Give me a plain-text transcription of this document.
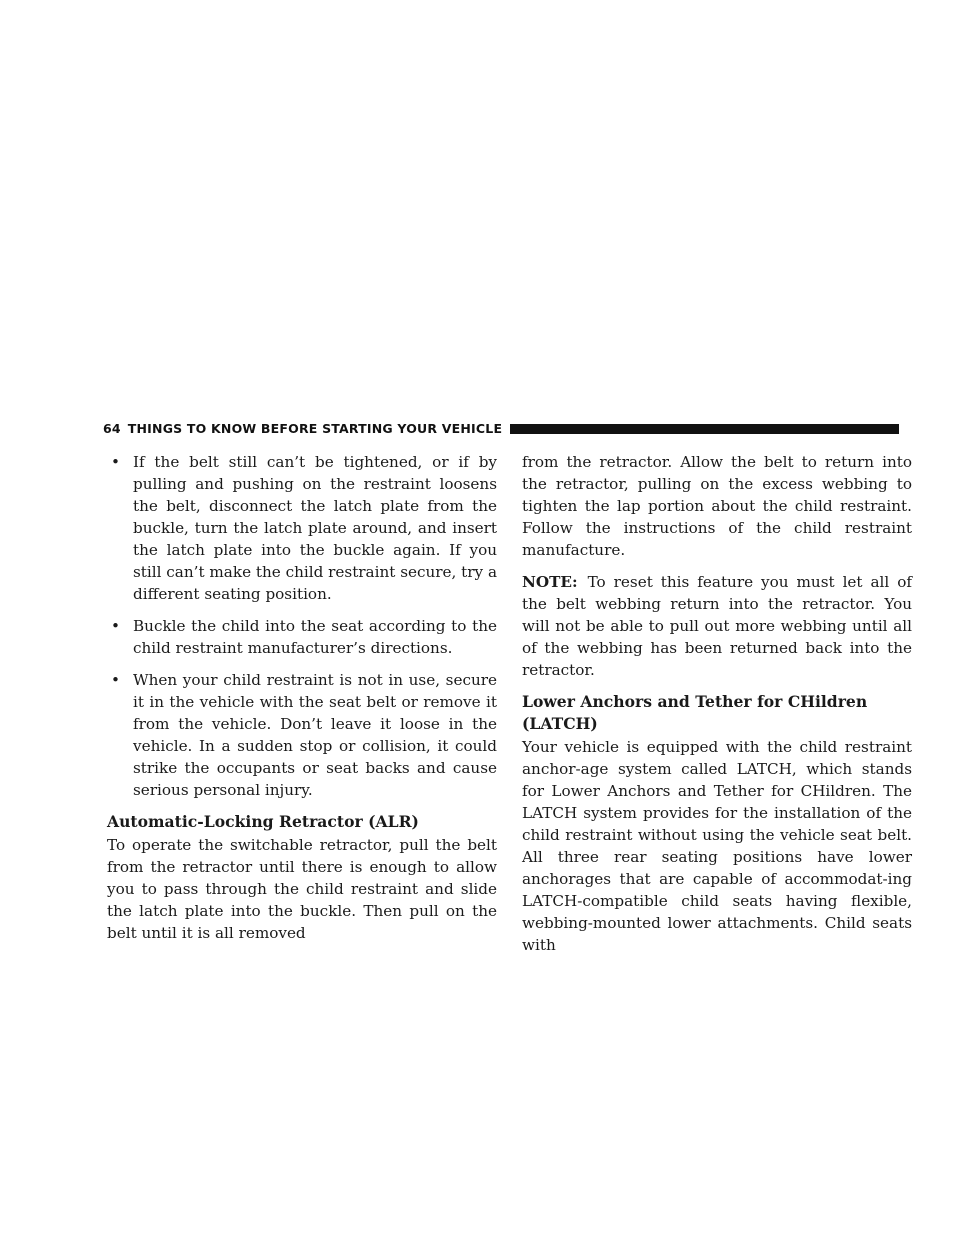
64 THINGS TO KNOW BEFORE STARTING YOUR VEHICLE
• If the belt still can’t be tightened, or if by pulling and pushing on the restraint loosens the belt, disconnect the latch plate from the buckle, turn the latch plate around, and insert the latch plate into the buckle again. If you still can’t make the child restraint secure, try a different seating position.
• Buckle the child into the seat according to the child restraint manufacturer’s directions.
• When your child restraint is not in use, secure it in the vehicle with the seat belt or remove it from the vehicle. Don’t leave it loose in the vehicle. In a sudden stop or collision, it could strike the occupants or seat backs and cause serious personal injury.
Automatic-Locking Retractor (ALR)

To operate the switchable retractor, pull the belt from the retractor until there is enough to allow you to pass through the child restraint and slide the latch plate into the buckle. Then pull on the belt until it is all removed

from the retractor. Allow the belt to return into the retractor, pulling on the excess webbing to tighten the lap portion about the child restraint. Follow the instructions of the child restraint manufacture.

NOTE: To reset this feature you must let all of the belt webbing return into the retractor. You will not be able to pull out more webbing until all of the webbing has been returned back into the retractor.

Lower Anchors and Tether for CHildren (LATCH)

Your vehicle is equipped with the child restraint anchor-age system called LATCH, which stands for Lower Anchors and Tether for CHildren. The LATCH system provides for the installation of the child restraint without using the vehicle seat belt. All three rear seating positions have lower anchorages that are capable of accommodat-ing LATCH-compatible child seats having flexible, webbing-mounted lower attachments. Child seats with
